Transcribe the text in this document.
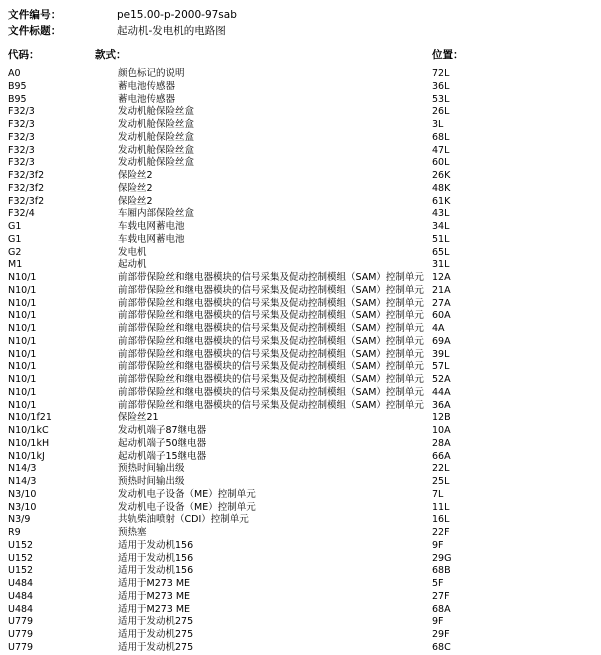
文件编号：	pe15.00-p-2000-97sab
文件标题：	起动机-发电机的电路图
代码：	款式：	位置：
A0	颜色标记的说明	72L
B95	蓄电池传感器	36L
B95	蓄电池传感器	53L
F32/3	发动机舱保险丝盒	26L
F32/3	发动机舱保险丝盒	3L
F32/3	发动机舱保险丝盒	68L
F32/3	发动机舱保险丝盒	47L
F32/3	发动机舱保险丝盒	60L
F32/3f2	保险丝2	26K
F32/3f2	保险丝2	48K
F32/3f2	保险丝2	61K
F32/4	车厢内部保险丝盒	43L
G1	车载电网蓄电池	34L
G1	车载电网蓄电池	51L
G2	发电机	65L
M1	起动机	31L
N10/1	前部带保险丝和继电器模块的信号采集及促动控制模组（SAM）控制单元 12A
N10/1	前部带保险丝和继电器模块的信号采集及促动控制模组（SAM）控制单元 21A
N10/1	前部带保险丝和继电器模块的信号采集及促动控制模组（SAM）控制单元 27A
N10/1	前部带保险丝和继电器模块的信号采集及促动控制模组（SAM）控制单元 60A
N10/1	前部带保险丝和继电器模块的信号采集及促动控制模组（SAM）控制单元 4A
N10/1	前部带保险丝和继电器模块的信号采集及促动控制模组（SAM）控制单元 69A
N10/1	前部带保险丝和继电器模块的信号采集及促动控制模组（SAM）控制单元 39L
N10/1	前部带保险丝和继电器模块的信号采集及促动控制模组（SAM）控制单元 57L
N10/1	前部带保险丝和继电器模块的信号采集及促动控制模组（SAM）控制单元 52A
N10/1	前部带保险丝和继电器模块的信号采集及促动控制模组（SAM）控制单元 44A
N10/1	前部带保险丝和继电器模块的信号采集及促动控制模组（SAM）控制单元 36A
N10/1f21	保险丝21	12B
N10/1kC	发动机端子87继电器	10A
N10/1kH	起动机端子50继电器	28A
N10/1kJ	起动机端子15继电器	66A
N14/3	预热时间输出级	22L
N14/3	预热时间输出级	25L
N3/10	发动机电子设备（ME）控制单元	7L
N3/10	发动机电子设备（ME）控制单元	11L
N3/9	共轨柴油喷射（CDI）控制单元	16L
R9	预热塞	22F
U152	适用于发动机156	9F
U152	适用于发动机156	29G
U152	适用于发动机156	68B
U484	适用于M273 ME	5F
U484	适用于M273 ME	27F
U484	适用于M273 ME	68A
U779	适用于发动机275	9F
U779	适用于发动机275	29F
U779	适用于发动机275	68C
